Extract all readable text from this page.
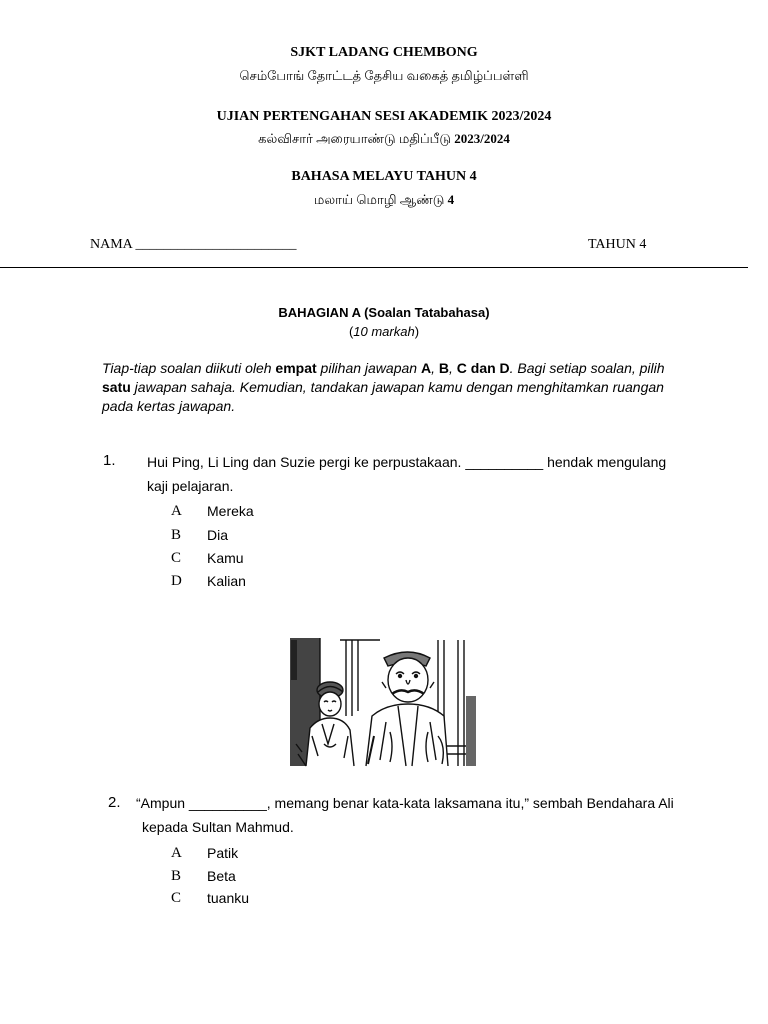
SJKT LADANG CHEMBONG
செம்போங் தோட்டத் தேசிய வகைத் தமிழ்ப்பள்ளி
UJIAN PERTENGAHAN SESI AKADEMIK 2023/2024
கல்விசார் அரையாண்டு மதிப்பீடு 2023/2024
BAHASA MELAYU TAHUN 4
மலாய் மொழி ஆண்டு 4
NAMA _______________________	TAHUN 4
BAHAGIAN A (Soalan Tatabahasa)
(10 markah)
Tiap-tiap soalan diikuti oleh empat pilihan jawapan A, B, C dan D. Bagi setiap soalan, pilih satu jawapan sahaja. Kemudian, tandakan jawapan kamu dengan menghitamkan ruangan pada kertas jawapan.
1. Hui Ping, Li Ling dan Suzie pergi ke perpustakaan. __________ hendak mengulang
kaji pelajaran.
A Mereka
B Dia
C Kamu
D Kalian
2. “Ampun __________, memang benar kata-kata laksamana itu,” sembah Bendahara Ali
kepada Sultan Mahmud.
A Patik
B Beta
C tuanku
